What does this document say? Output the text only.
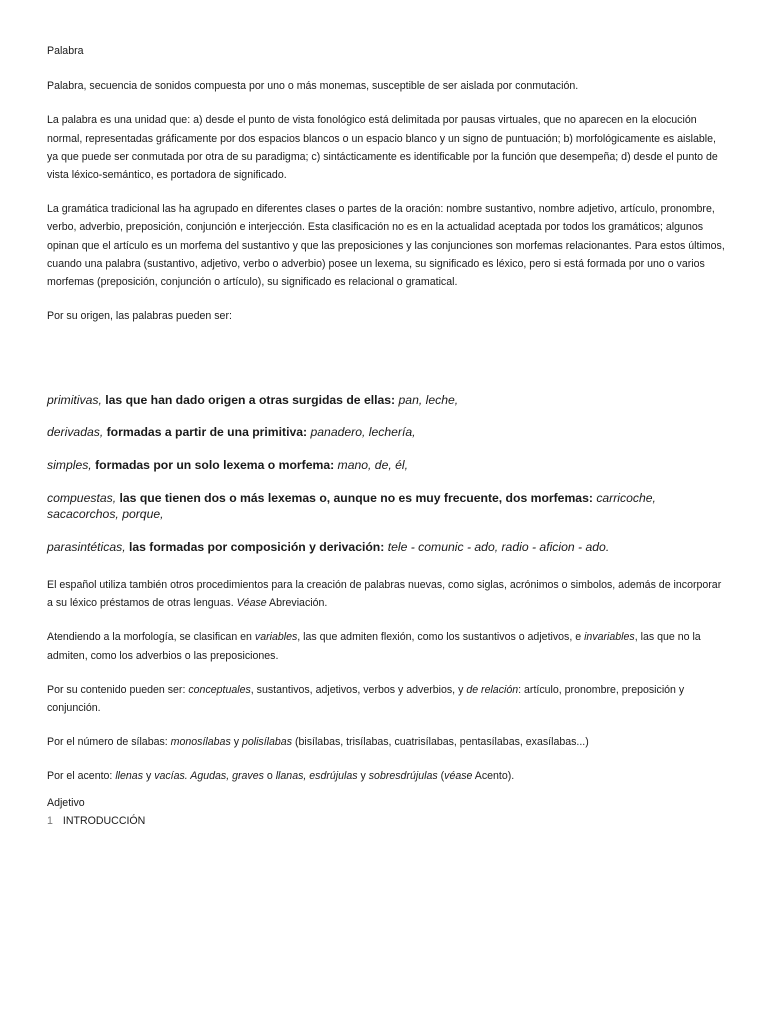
Palabra

Palabra, secuencia de sonidos compuesta por uno o más monemas, susceptible de ser aislada por conmutación.

La palabra es una unidad que: a) desde el punto de vista fonológico está delimitada por pausas virtuales, que no aparecen en la elocución normal, representadas gráficamente por dos espacios blancos o un espacio blanco y un signo de puntuación; b) morfológicamente es aislable, ya que puede ser conmutada por otra de su paradigma; c) sintácticamente es identificable por la función que desempeña; d) desde el punto de vista léxico-semántico, es portadora de significado.

La gramática tradicional las ha agrupado en diferentes clases o partes de la oración: nombre sustantivo, nombre adjetivo, artículo, pronombre, verbo, adverbio, preposición, conjunción e interjección. Esta clasificación no es en la actualidad aceptada por todos los gramáticos; algunos opinan que el artículo es un morfema del sustantivo y que las preposiciones y las conjunciones son morfemas relacionantes. Para estos últimos, cuando una palabra (sustantivo, adjetivo, verbo o adverbio) posee un lexema, su significado es léxico, pero si está formada por uno o varios morfemas (preposición, conjunción o artículo), su significado es relacional o gramatical.

Por su origen, las palabras pueden ser:

primitivas, las que han dado origen a otras surgidas de ellas: pan, leche,

derivadas, formadas a partir de una primitiva: panadero, lechería,

simples, formadas por un solo lexema o morfema: mano, de, él,

compuestas, las que tienen dos o más lexemas o, aunque no es muy frecuente, dos morfemas: carricoche, sacacorchos, porque,

parasintéticas, las formadas por composición y derivación: tele - comunic - ado, radio - aficion - ado.

El español utiliza también otros procedimientos para la creación de palabras nuevas, como siglas, acrónimos o simbolos, además de incorporar a su léxico préstamos de otras lenguas. Véase Abreviación.

Atendiendo a la morfología, se clasifican en variables, las que admiten flexión, como los sustantivos o adjetivos, e invariables, las que no la admiten, como los adverbios o las preposiciones.

Por su contenido pueden ser: conceptuales, sustantivos, adjetivos, verbos y adverbios, y de relación: artículo, pronombre, preposición y conjunción.

Por el número de sílabas: monosílabas y polisílabas (bisílabas, trisílabas, cuatrisílabas, pentasílabas, exasílabas...)

Por el acento: llenas y vacías. Agudas, graves o llanas, esdrújulas y sobresdrújulas (véase Acento).

Adjetivo

1 INTRODUCCIÓN
